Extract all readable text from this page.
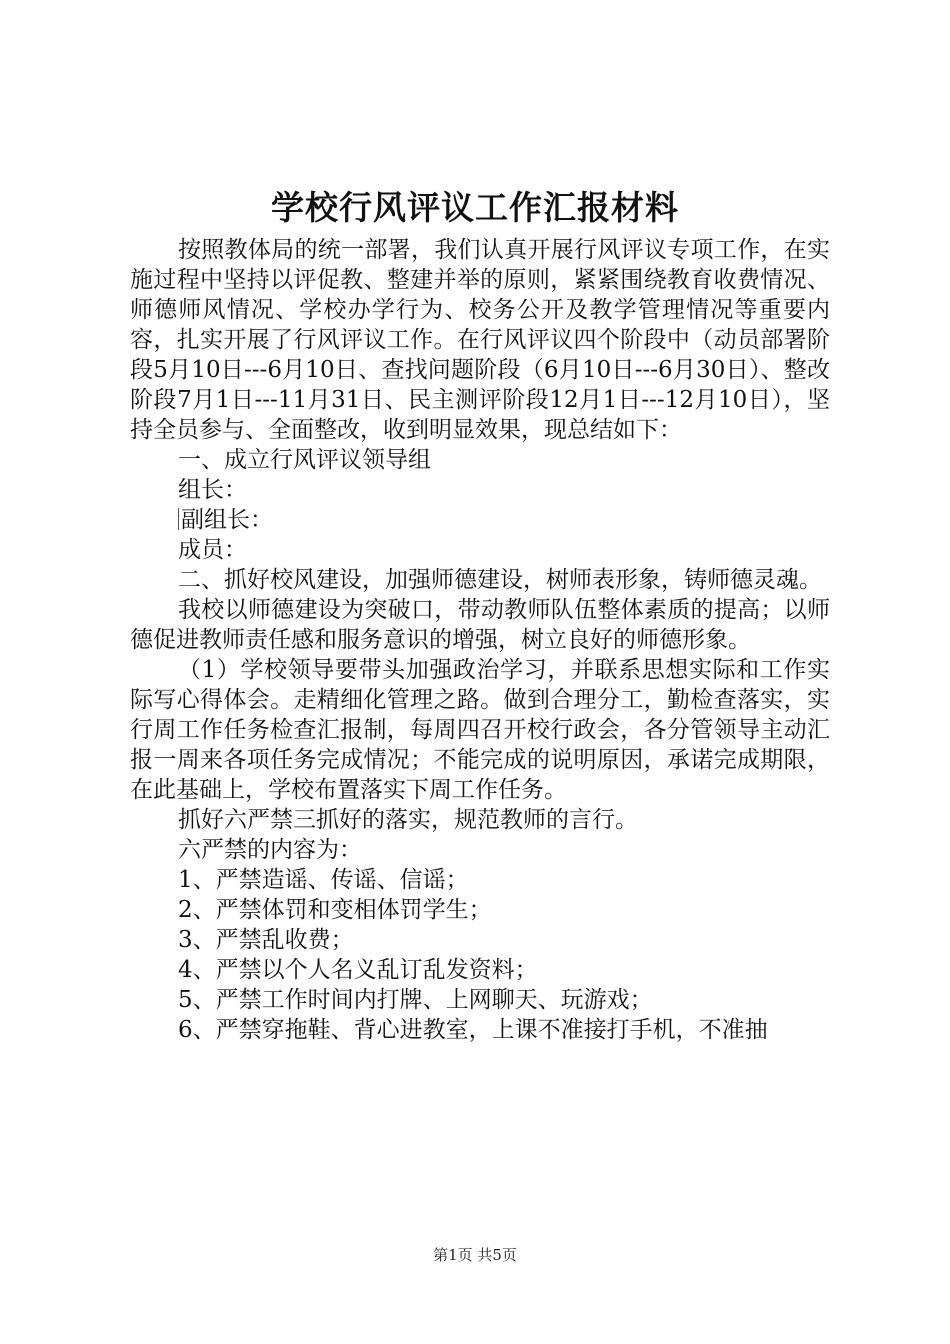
学校行风评议工作汇报材料

按照教体局的统一部署，我们认真开展行风评议专项工作，在实施过程中坚持以评促教、整建并举的原则，紧紧围绕教育收费情况、师德师风情况、学校办学行为、校务公开及教学管理情况等重要内容，扎实开展了行风评议工作。在行风评议四个阶段中（动员部署阶段5月10日---6月10日、查找问题阶段（6月10日---6月30日）、整改阶段7月1日---11月31日、民主测评阶段12月1日---12月10日），坚持全员参与、全面整改，收到明显效果，现总结如下：

一、成立行风评议领导组

组长：

副组长：

成员：

二、抓好校风建设，加强师德建设，树师表形象，铸师德灵魂。

我校以师德建设为突破口，带动教师队伍整体素质的提高；以师德促进教师责任感和服务意识的增强，树立良好的师德形象。

（1）学校领导要带头加强政治学习，并联系思想实际和工作实际写心得体会。走精细化管理之路。做到合理分工，勤检查落实，实行周工作任务检查汇报制，每周四召开校行政会，各分管领导主动汇报一周来各项任务完成情况；不能完成的说明原因，承诺完成期限，在此基础上，学校布置落实下周工作任务。

抓好六严禁三抓好的落实，规范教师的言行。

六严禁的内容为：

1、严禁造谣、传谣、信谣；

2、严禁体罚和变相体罚学生；

3、严禁乱收费；

4、严禁以个人名义乱订乱发资料；

5、严禁工作时间内打牌、上网聊天、玩游戏；

6、严禁穿拖鞋、背心进教室，上课不准接打手机，不准抽

第1页 共5页
